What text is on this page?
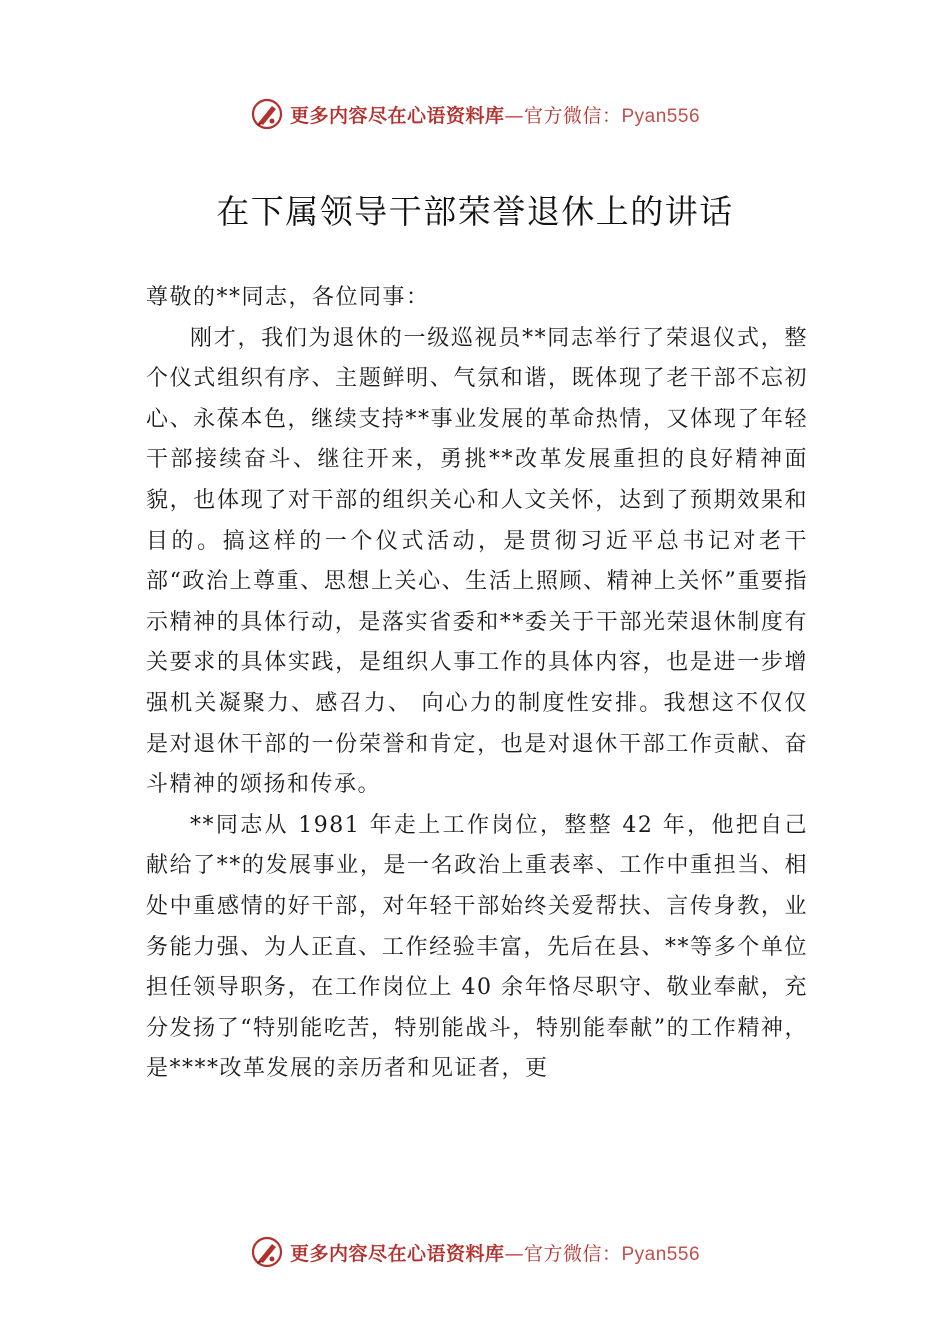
更多内容尽在心语资料库—官方微信：Pyan556
在下属领导干部荣誉退休上的讲话

尊敬的**同志，各位同事：

刚才，我们为退休的一级巡视员**同志举行了荣退仪式，整个仪式组织有序、主题鲜明、气氛和谐，既体现了老干部不忘初心、永葆本色，继续支持**事业发展的革命热情，又体现了年轻干部接续奋斗、继往开来，勇挑**改革发展重担的良好精神面貌，也体现了对干部的组织关心和人文关怀，达到了预期效果和目的。搞这样的一个仪式活动，是贯彻习近平总书记对老干部“政治上尊重、思想上关心、生活上照顾、精神上关怀”重要指示精神的具体行动，是落实省委和**委关于干部光荣退休制度有关要求的具体实践，是组织人事工作的具体内容，也是进一步增强机关凝聚力、感召力、 向心力的制度性安排。我想这不仅仅是对退休干部的一份荣誉和肯定，也是对退休干部工作贡献、奋斗精神的颂扬和传承。

**同志从 1981 年走上工作岗位，整整 42 年，他把自己献给了**的发展事业，是一名政治上重表率、工作中重担当、相处中重感情的好干部，对年轻干部始终关爱帮扶、言传身教，业务能力强、为人正直、工作经验丰富，先后在县、**等多个单位担任领导职务，在工作岗位上 40 余年恪尽职守、敬业奉献，充分发扬了“特别能吃苦，特别能战斗，特别能奉献”的工作精神，是****改革发展的亲历者和见证者，更

更多内容尽在心语资料库—官方微信：Pyan556
